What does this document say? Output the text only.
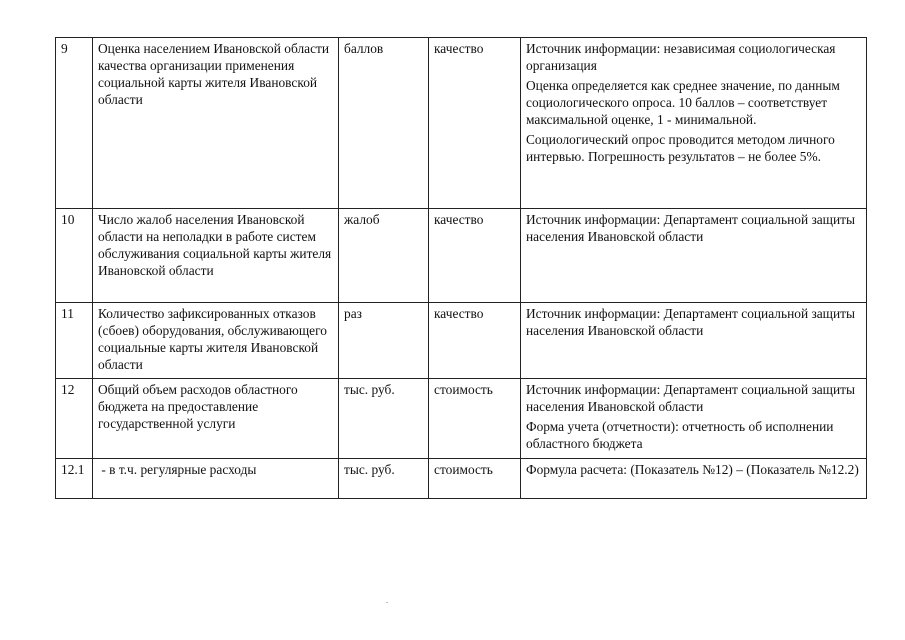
9	Оценка населением Ивановской области качества организации применения социальной карты жителя Ивановской области	баллов	качество	Источник информации: независимая социологическая организация
Оценка определяется как среднее значение, по данным социологического опроса. 10 баллов – соответствует максимальной оценке, 1 - минимальной.
Социологический опрос проводится методом личного интервью. Погрешность результатов – не более 5%.

10	Число жалоб населения Ивановской области на неполадки в работе систем обслуживания социальной карты жителя Ивановской области	жалоб	качество	Источник информации: Департамент социальной защиты населения Ивановской области

11	Количество зафиксированных отказов (сбоев) оборудования, обслуживающего социальные карты жителя Ивановской области	раз	качество	Источник информации: Департамент социальной защиты населения Ивановской области

12	Общий объем расходов областного бюджета на предоставление государственной услуги	тыс. руб.	стоимость	Источник информации: Департамент социальной защиты населения Ивановской области
Форма учета (отчетности): отчетность об исполнении областного бюджета

12.1	- в т.ч. регулярные расходы	тыс. руб.	стоимость	Формула расчета: (Показатель №12) – (Показатель №12.2)
